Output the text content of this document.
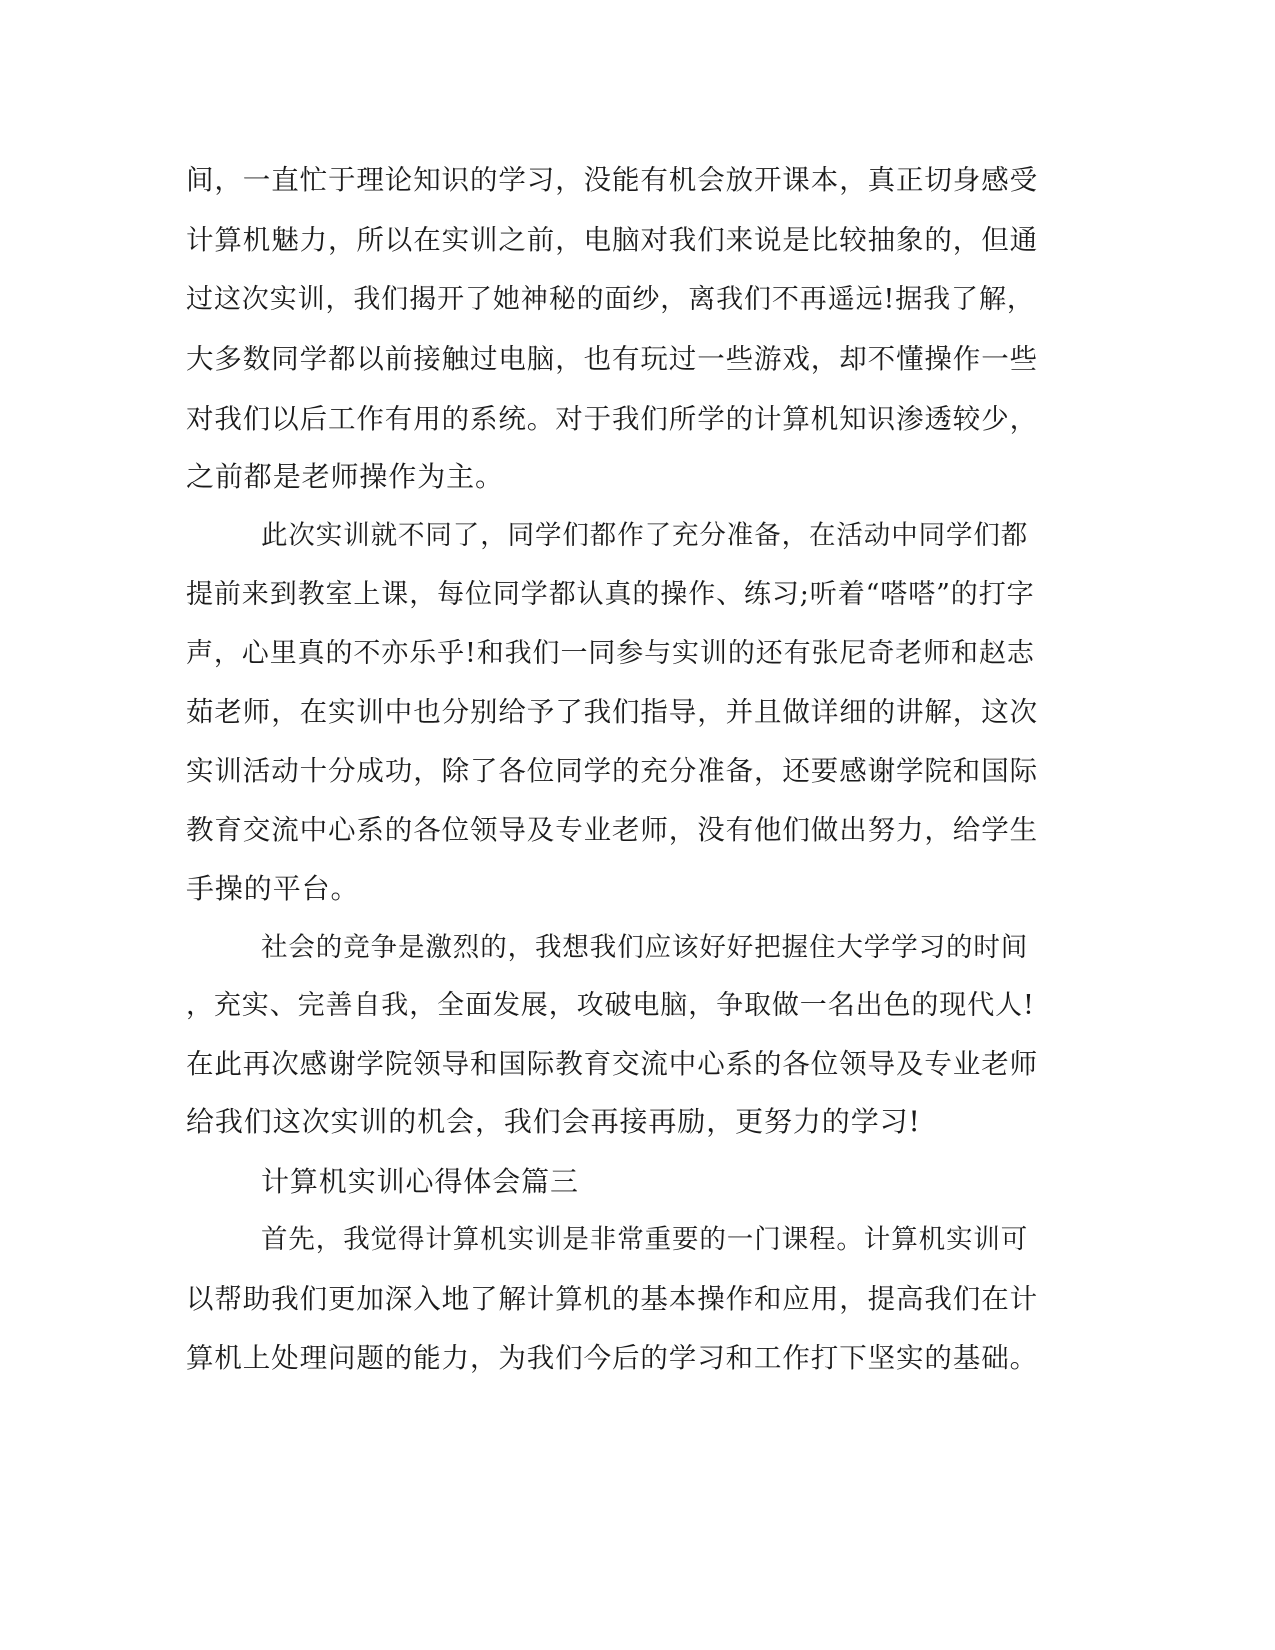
间，一直忙于理论知识的学习，没能有机会放开课本，真正切身感受

计算机魅力，所以在实训之前，电脑对我们来说是比较抽象的，但通

过这次实训，我们揭开了她神秘的面纱，离我们不再遥远!据我了解，

大多数同学都以前接触过电脑，也有玩过一些游戏，却不懂操作一些

对我们以后工作有用的系统。对于我们所学的计算机知识渗透较少，

之前都是老师操作为主。

此次实训就不同了，同学们都作了充分准备，在活动中同学们都

提前来到教室上课，每位同学都认真的操作、练习;听着“嗒嗒”的打字

声，心里真的不亦乐乎!和我们一同参与实训的还有张尼奇老师和赵志

茹老师，在实训中也分别给予了我们指导，并且做详细的讲解，这次

实训活动十分成功，除了各位同学的充分准备，还要感谢学院和国际

教育交流中心系的各位领导及专业老师，没有他们做出努力，给学生

手操的平台。

社会的竞争是激烈的，我想我们应该好好把握住大学学习的时间

，充实、完善自我，全面发展，攻破电脑，争取做一名出色的现代人!

在此再次感谢学院领导和国际教育交流中心系的各位领导及专业老师

给我们这次实训的机会，我们会再接再励，更努力的学习!

计算机实训心得体会篇三

首先，我觉得计算机实训是非常重要的一门课程。计算机实训可

以帮助我们更加深入地了解计算机的基本操作和应用，提高我们在计

算机上处理问题的能力，为我们今后的学习和工作打下坚实的基础。
